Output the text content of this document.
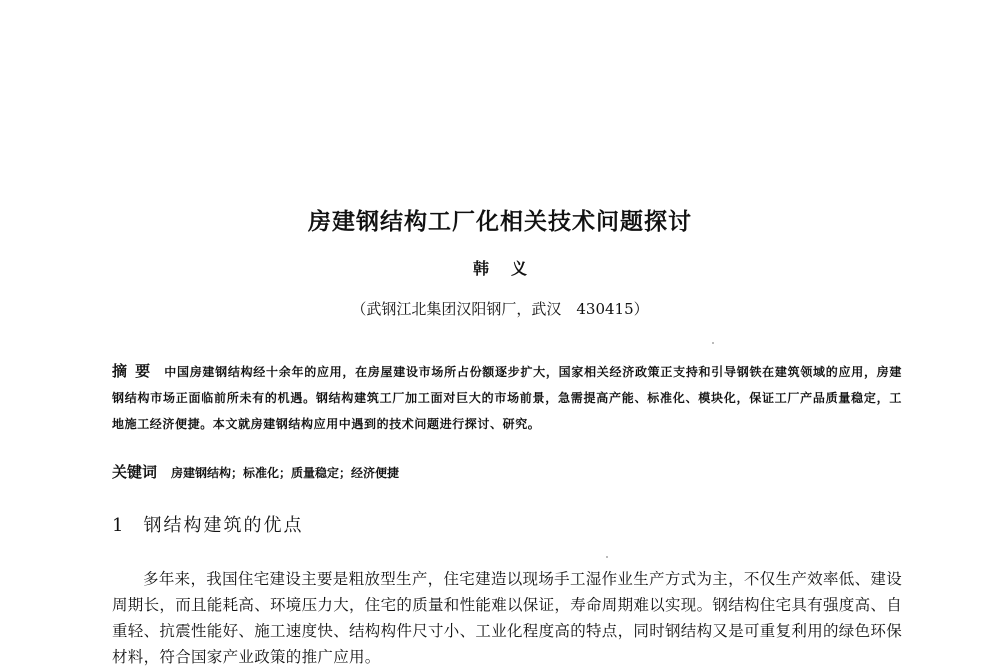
房建钢结构工厂化相关技术问题探讨
韩义
（武钢江北集团汉阳钢厂，武汉　430415）
摘要 中国房建钢结构经十余年的应用，在房屋建设市场所占份额逐步扩大，国家相关经济政策正支持和引导钢铁在建筑领域的应用，房建钢结构市场正面临前所未有的机遇。钢结构建筑工厂加工面对巨大的市场前景，急需提高产能、标准化、模块化，保证工厂产品质量稳定，工地施工经济便捷。本文就房建钢结构应用中遇到的技术问题进行探讨、研究。
关键词 房建钢结构；标准化；质量稳定；经济便捷
1 钢结构建筑的优点
多年来，我国住宅建设主要是粗放型生产，住宅建造以现场手工湿作业生产方式为主，不仅生产效率低、建设周期长，而且能耗高、环境压力大，住宅的质量和性能难以保证，寿命周期难以实现。钢结构住宅具有强度高、自重轻、抗震性能好、施工速度快、结构构件尺寸小、工业化程度高的特点，同时钢结构又是可重复利用的绿色环保材料，符合国家产业政策的推广应用。
